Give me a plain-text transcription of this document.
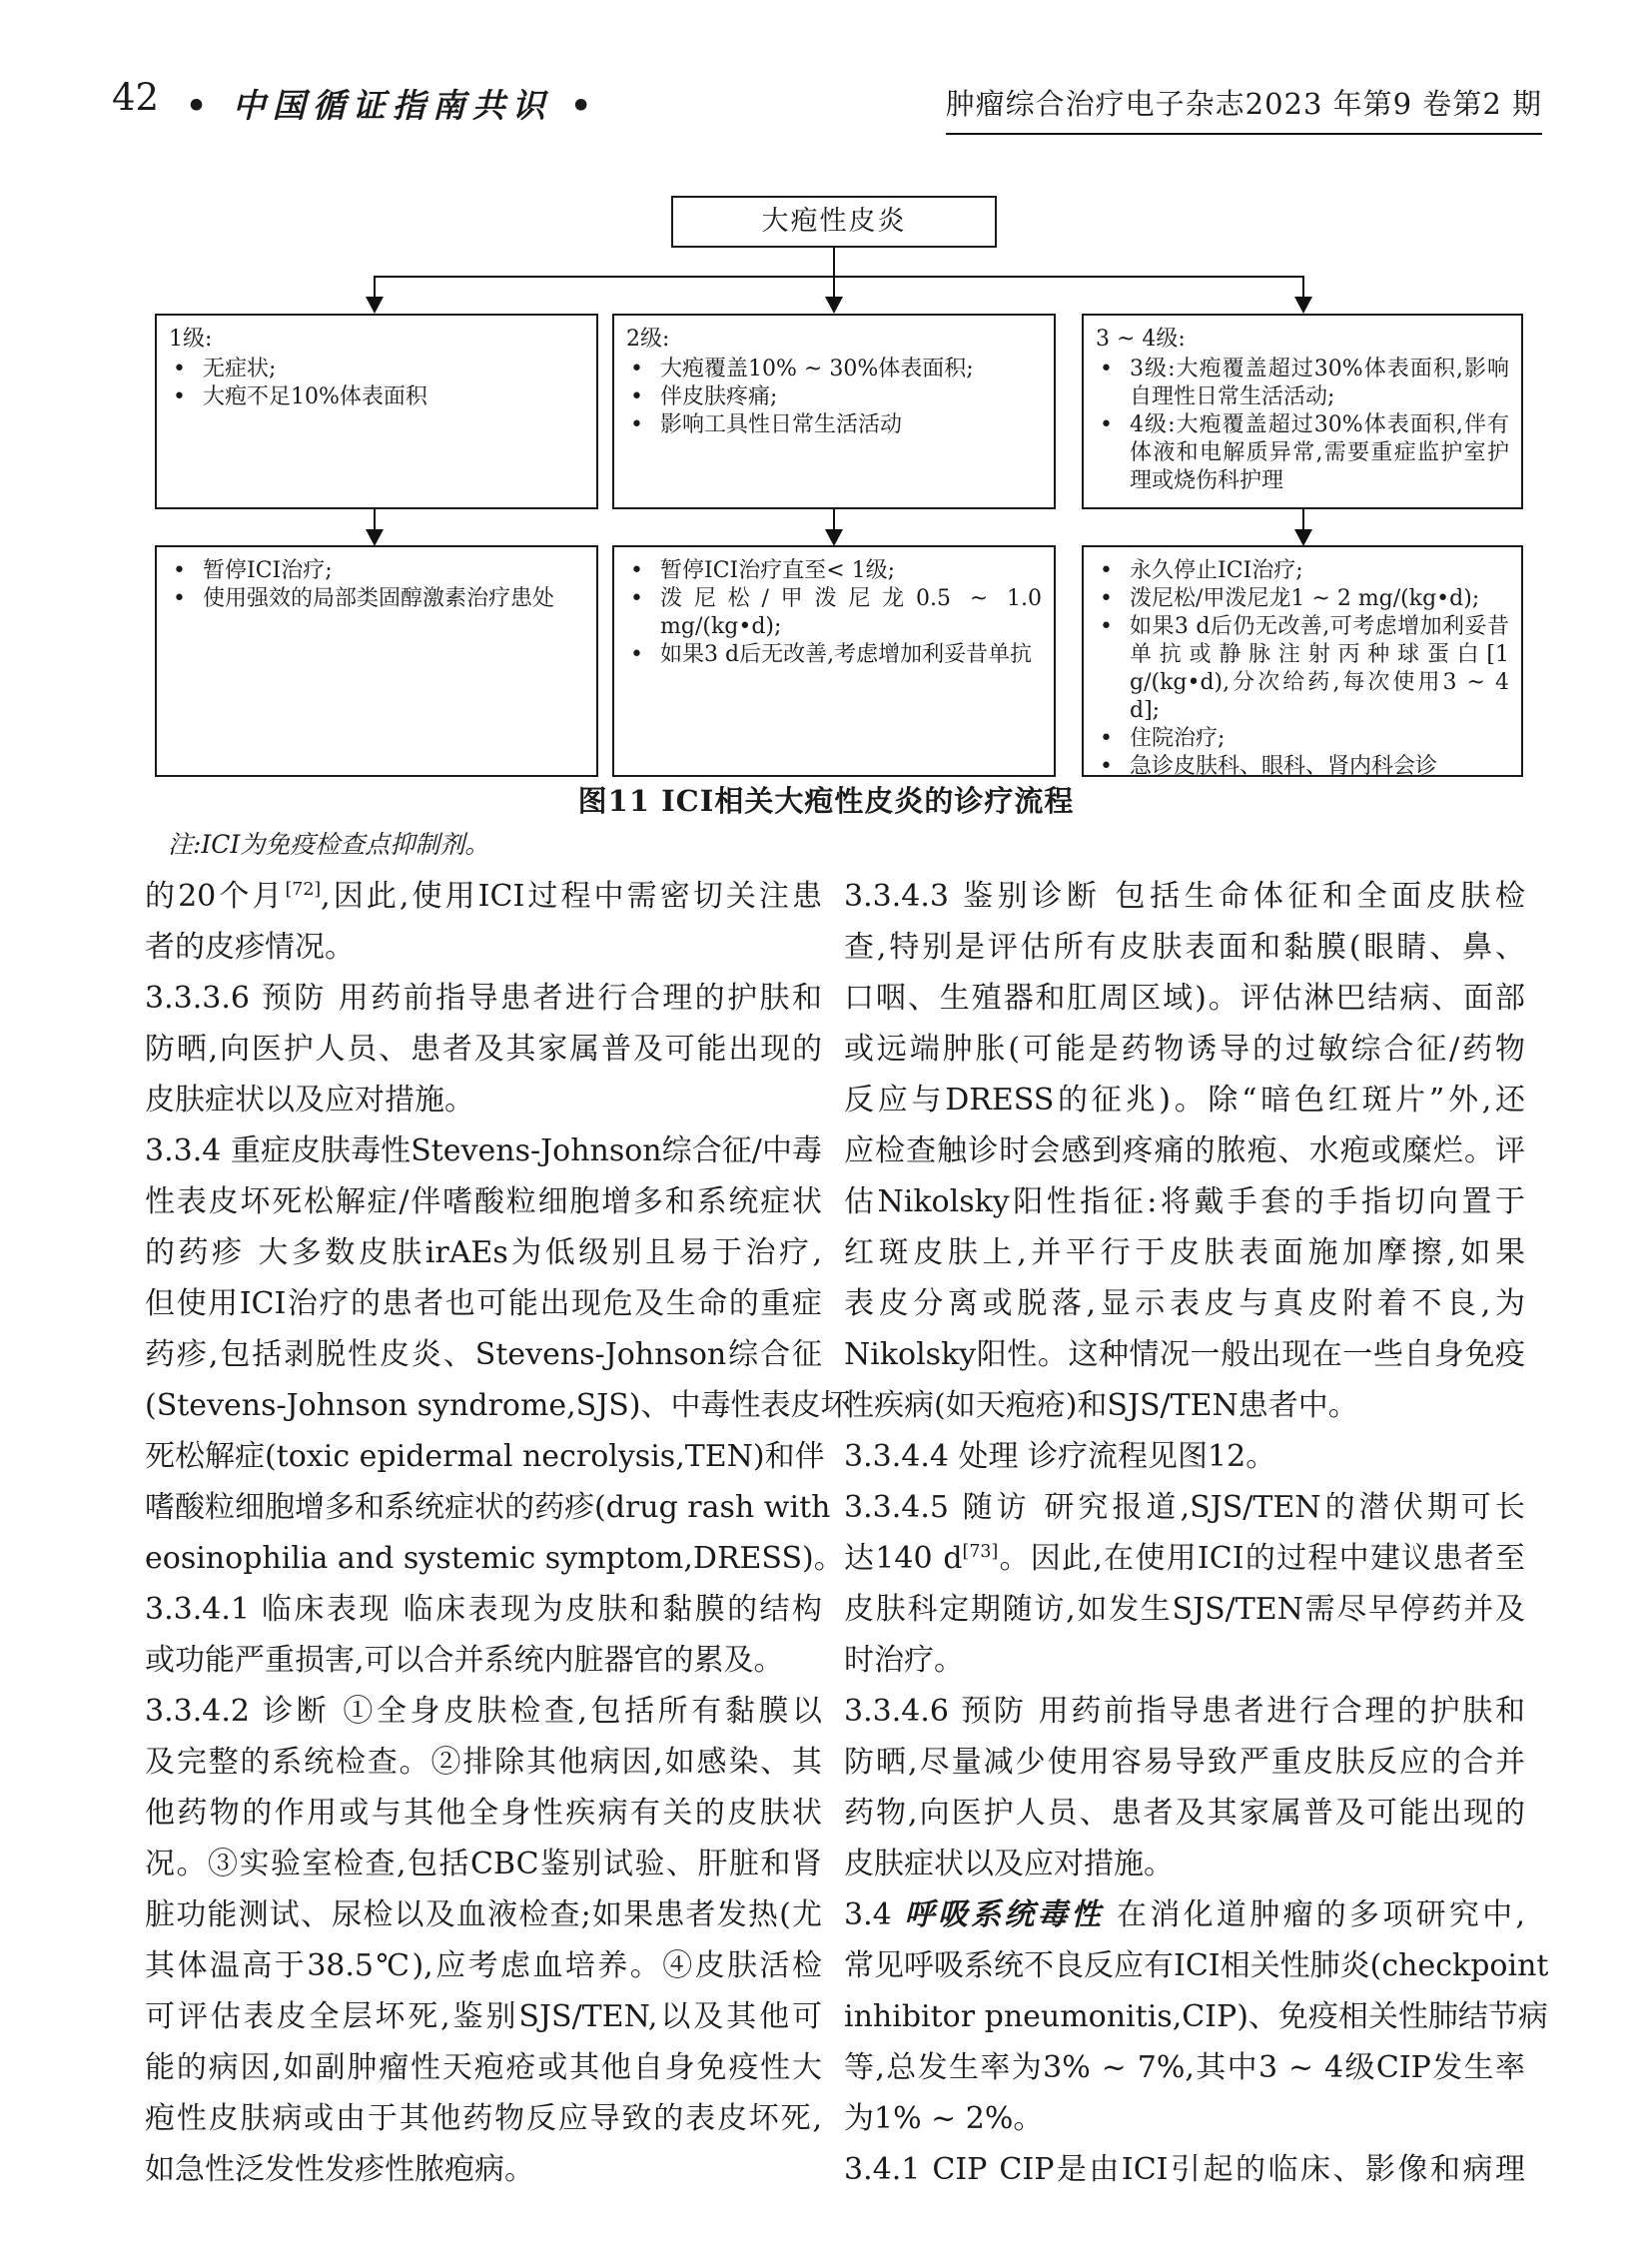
42 • 中国循证指南共识 •	肿瘤综合治疗电子杂志2023 年第9 卷第2 期
大疱性皮炎
1级:
• 无症状;
• 大疱不足10%体表面积
2级:
• 大疱覆盖10% ~ 30%体表面积;
• 伴皮肤疼痛;
• 影响工具性日常生活活动
3 ~ 4级:
• 3级:大疱覆盖超过30%体表面积,影响自理性日常生活活动;
• 4级:大疱覆盖超过30%体表面积,伴有体液和电解质异常,需要重症监护室护理或烧伤科护理
• 暂停ICI治疗;
• 使用强效的局部类固醇激素治疗患处
• 暂停ICI治疗直至< 1级;
• 泼尼松/甲泼尼龙0.5 ~ 1.0 mg/(kg•d);
• 如果3 d后无改善,考虑增加利妥昔单抗
• 永久停止ICI治疗;
• 泼尼松/甲泼尼龙1 ~ 2 mg/(kg•d);
• 如果3 d后仍无改善,可考虑增加利妥昔单抗或静脉注射丙种球蛋白[1 g/(kg•d),分次给药,每次使用3 ~ 4 d];
• 住院治疗;
• 急诊皮肤科、眼科、肾内科会诊
图11 ICI相关大疱性皮炎的诊疗流程
注:ICI为免疫检查点抑制剂。
的20个月[72],因此,使用ICI过程中需密切关注患
者的皮疹情况。
3.3.3.6 预防 用药前指导患者进行合理的护肤和
防晒,向医护人员、患者及其家属普及可能出现的
皮肤症状以及应对措施。
3.3.4 重症皮肤毒性Stevens-Johnson综合征/中毒
性表皮坏死松解症/伴嗜酸粒细胞增多和系统症状
的药疹 大多数皮肤irAEs为低级别且易于治疗,
但使用ICI治疗的患者也可能出现危及生命的重症
药疹,包括剥脱性皮炎、Stevens-Johnson综合征
(Stevens-Johnson syndrome,SJS)、中毒性表皮坏
死松解症(toxic epidermal necrolysis,TEN)和伴
嗜酸粒细胞增多和系统症状的药疹(drug rash with
eosinophilia and systemic symptom,DRESS)。
3.3.4.1 临床表现 临床表现为皮肤和黏膜的结构
或功能严重损害,可以合并系统内脏器官的累及。
3.3.4.2 诊断 ①全身皮肤检查,包括所有黏膜以
及完整的系统检查。②排除其他病因,如感染、其
他药物的作用或与其他全身性疾病有关的皮肤状
况。③实验室检查,包括CBC鉴别试验、肝脏和肾
脏功能测试、尿检以及血液检查;如果患者发热(尤
其体温高于38.5℃),应考虑血培养。④皮肤活检
可评估表皮全层坏死,鉴别SJS/TEN,以及其他可
能的病因,如副肿瘤性天疱疮或其他自身免疫性大
疱性皮肤病或由于其他药物反应导致的表皮坏死,
如急性泛发性发疹性脓疱病。
3.3.4.3 鉴别诊断 包括生命体征和全面皮肤检
查,特别是评估所有皮肤表面和黏膜(眼睛、鼻、
口咽、生殖器和肛周区域)。评估淋巴结病、面部
或远端肿胀(可能是药物诱导的过敏综合征/药物
反应与DRESS的征兆)。除“暗色红斑片”外,还
应检查触诊时会感到疼痛的脓疱、水疱或糜烂。评
估Nikolsky阳性指征:将戴手套的手指切向置于
红斑皮肤上,并平行于皮肤表面施加摩擦,如果
表皮分离或脱落,显示表皮与真皮附着不良,为
Nikolsky阳性。这种情况一般出现在一些自身免疫
性疾病(如天疱疮)和SJS/TEN患者中。
3.3.4.4 处理 诊疗流程见图12。
3.3.4.5 随访 研究报道,SJS/TEN的潜伏期可长
达140 d[73]。因此,在使用ICI的过程中建议患者至
皮肤科定期随访,如发生SJS/TEN需尽早停药并及
时治疗。
3.3.4.6 预防 用药前指导患者进行合理的护肤和
防晒,尽量减少使用容易导致严重皮肤反应的合并
药物,向医护人员、患者及其家属普及可能出现的
皮肤症状以及应对措施。
3.4 呼吸系统毒性 在消化道肿瘤的多项研究中,
常见呼吸系统不良反应有ICI相关性肺炎(checkpoint
inhibitor pneumonitis,CIP)、免疫相关性肺结节病
等,总发生率为3% ~ 7%,其中3 ~ 4级CIP发生率
为1% ~ 2%。
3.4.1 CIP CIP是由ICI引起的临床、影像和病理
